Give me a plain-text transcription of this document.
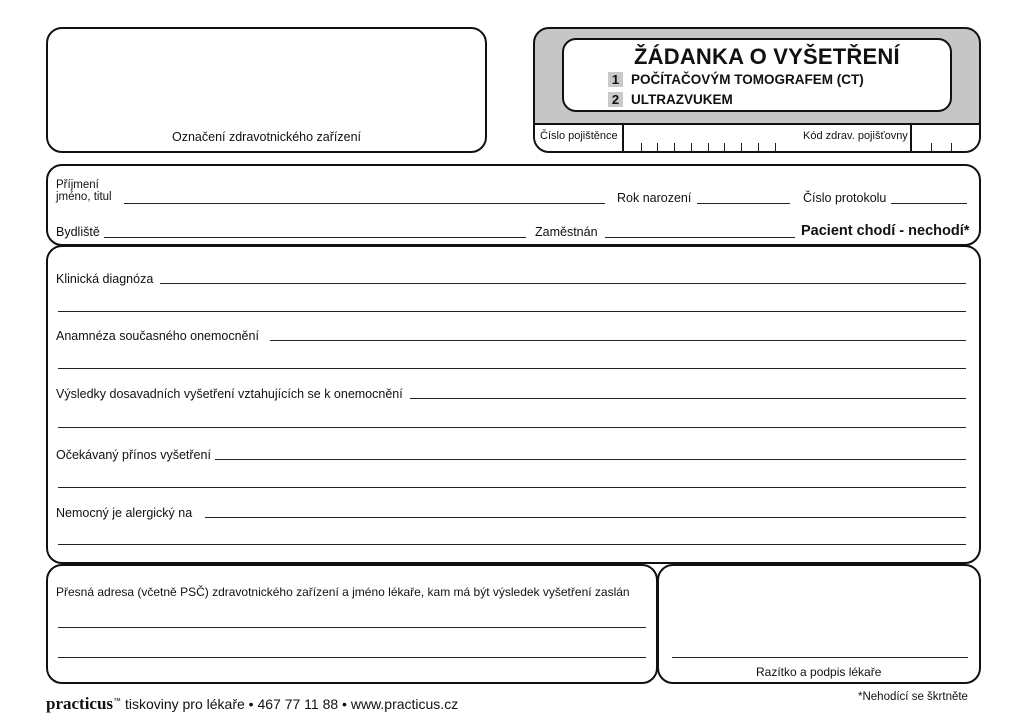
Označení zdravotnického zařízení
ŽÁDANKA O VYŠETŘENÍ
1 POČÍTAČOVÝM TOMOGRAFEM (CT)
2 ULTRAZVUKEM
Číslo pojištěnce	Kód zdrav. pojišťovny
Příjmení
jméno, titul	Rok narození	Číslo protokolu
Bydliště	Zaměstnán	Pacient chodí - nechodí*
Klinická diagnóza
Anamnéza současného onemocnění
Výsledky dosavadních vyšetření vztahujících se k onemocnění
Očekávaný přínos vyšetření
Nemocný je alergický na
Přesná adresa (včetně PSČ) zdravotnického zařízení a jméno lékaře, kam má být výsledek vyšetření zaslán
Razítko a podpis lékaře
practicus™ tiskoviny pro lékaře • 467 77 11 88 • www.practicus.cz	*Nehodící se škrtněte
